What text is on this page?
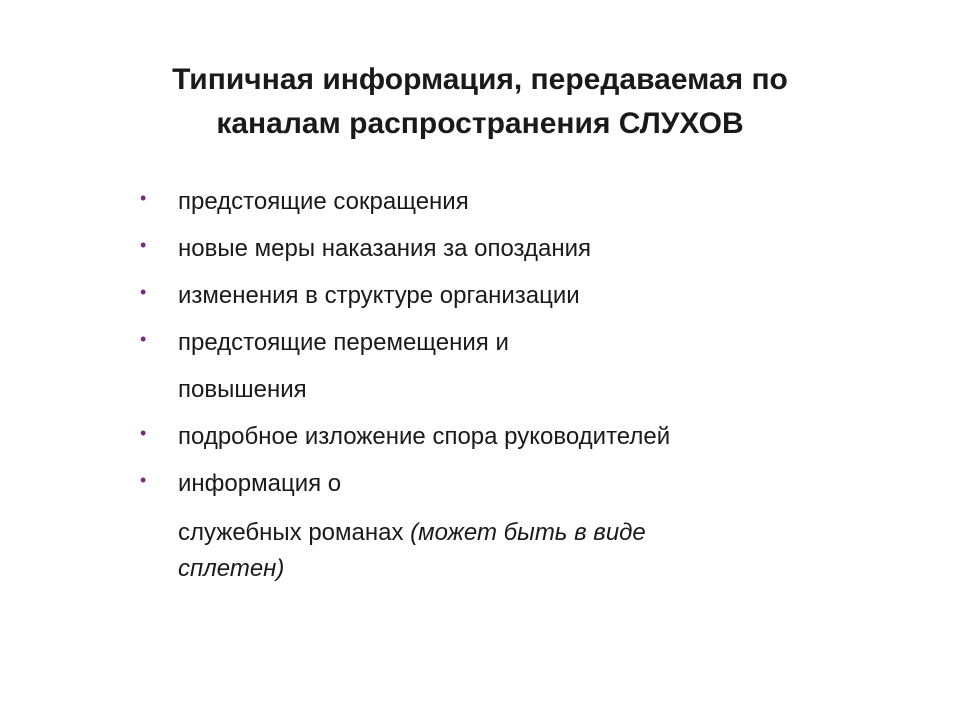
Типичная информация, передаваемая по
каналам распространения СЛУХОВ
•	предстоящие сокращения
•	новые меры наказания за опоздания
•	изменения в структуре организации
•	предстоящие перемещения и
повышения
•	подробное изложение спора руководителей
•	информация о
служебных романах (может быть в виде
сплетен)
